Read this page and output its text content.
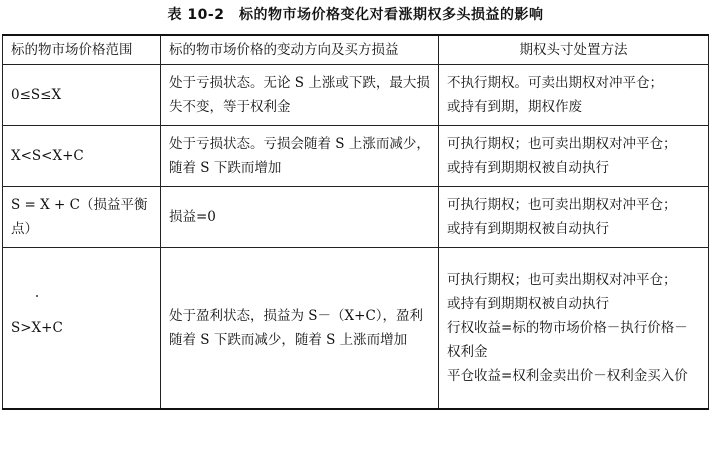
表 10-2　标的物市场价格变化对看涨期权多头损益的影响
标的物市场价格范围	标的物市场价格的变动方向及买方损益	期权头寸处置方法
0≤S≤X	处于亏损状态。无论 S 上涨或下跌，最大损失不变，等于权利金	不执行期权。可卖出期权对冲平仓；
或持有到期，期权作废

X<S<X+C	处于亏损状态。亏损会随着 S 上涨而减少，随着 S 下跌而增加	可执行期权；也可卖出期权对冲平仓；
或持有到期期权被自动执行

S = X + C（损益平衡点）	损益=0	可执行期权；也可卖出期权对冲平仓；
或持有到期期权被自动执行

S>X+C	处于盈利状态，损益为 S－（X+C），盈利随着 S 下跌而减少，随着 S 上涨而增加	可执行期权；也可卖出期权对冲平仓；
或持有到期期权被自动执行
行权收益=标的物市场价格－执行价格－权利金
平仓收益=权利金卖出价－权利金买入价
